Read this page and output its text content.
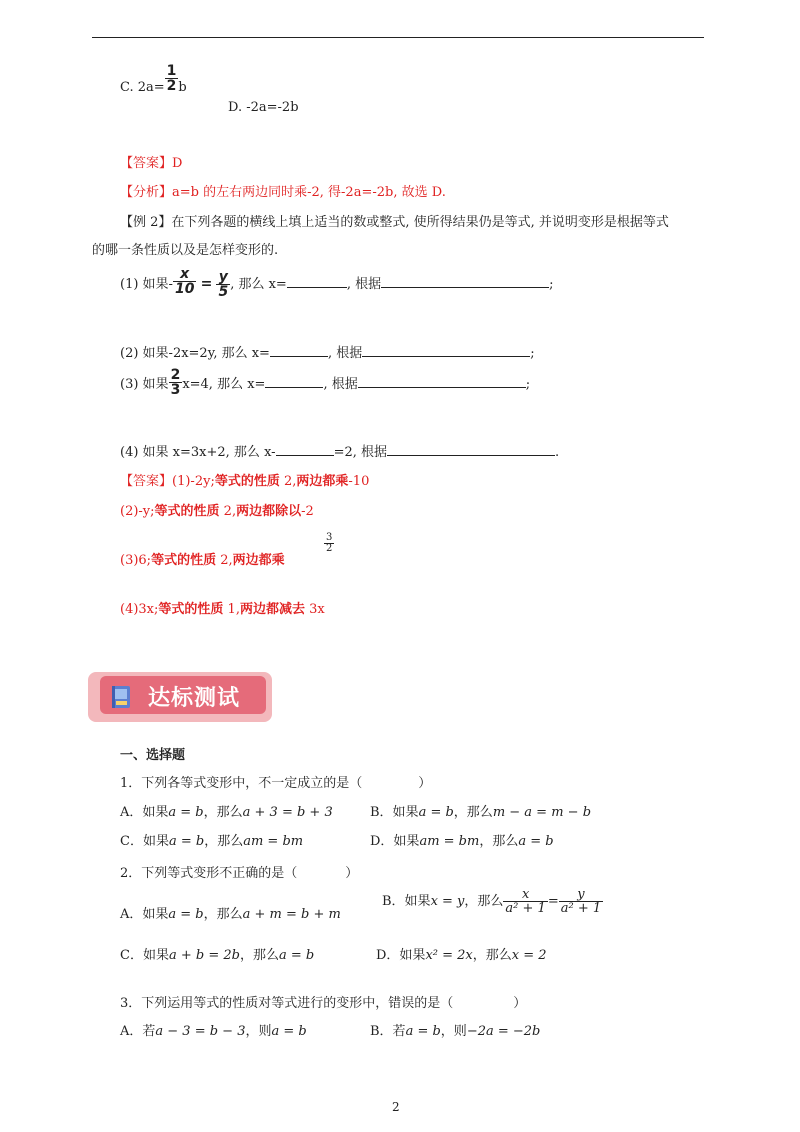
C. $2a= \frac{1}{2}$ b
D. -2a=-2b
【答案】D
【分析】a=b 的左右两边同时乘-2, 得-2a=-2b, 故选 D.
【例 2】在下列各题的横线上填上适当的数或整式, 使所得结果仍是等式, 并说明变形是根据等式
的哪一条性质以及是怎样变形的.
(1) 如果- $\frac{x}{10} = \frac{y}{5}$ , 那么 x=	, 根据	;
(2) 如果-2x=2y, 那么 x=	, 根据	;
(3) 如果 $\frac{2}{3} x=4$, 那么 x=	, 根据	;
(4) 如果 x=3x+2, 那么 x-	=2, 根据	.
【答案】(1)-2y;等式的性质 2,两边都乘-10
(2)-y;等式的性质 2,两边都除以-2
(3)6;等式的性质 2,两边都乘
$\frac{3}{2}$
(4)3x;等式的性质 1,两边都减去 3x
达标测试
一、选择题
1．下列各等式变形中，不一定成立的是（	）
A．如果a = b，那么a + 3 = b + 3	B．如果a = b，那么m − a = m − b
C．如果a = b，那么am = bm	D．如果am = bm，那么a = b
2．下列等式变形不正确的是（	）
A．如果a = b，那么a + m = b + m
B．如果x = y，那么 $\frac{x}{\text{a² + 1}} = \frac{y}{\text{a² + 1}}$
C．如果a + b = 2b，那么a = b	D．如果x² = 2x，那么x = 2
3．下列运用等式的性质对等式进行的变形中，错误的是（	）
A．若a − 3 = b − 3，则a = b	B．若a = b，则−2a = −2b
2
